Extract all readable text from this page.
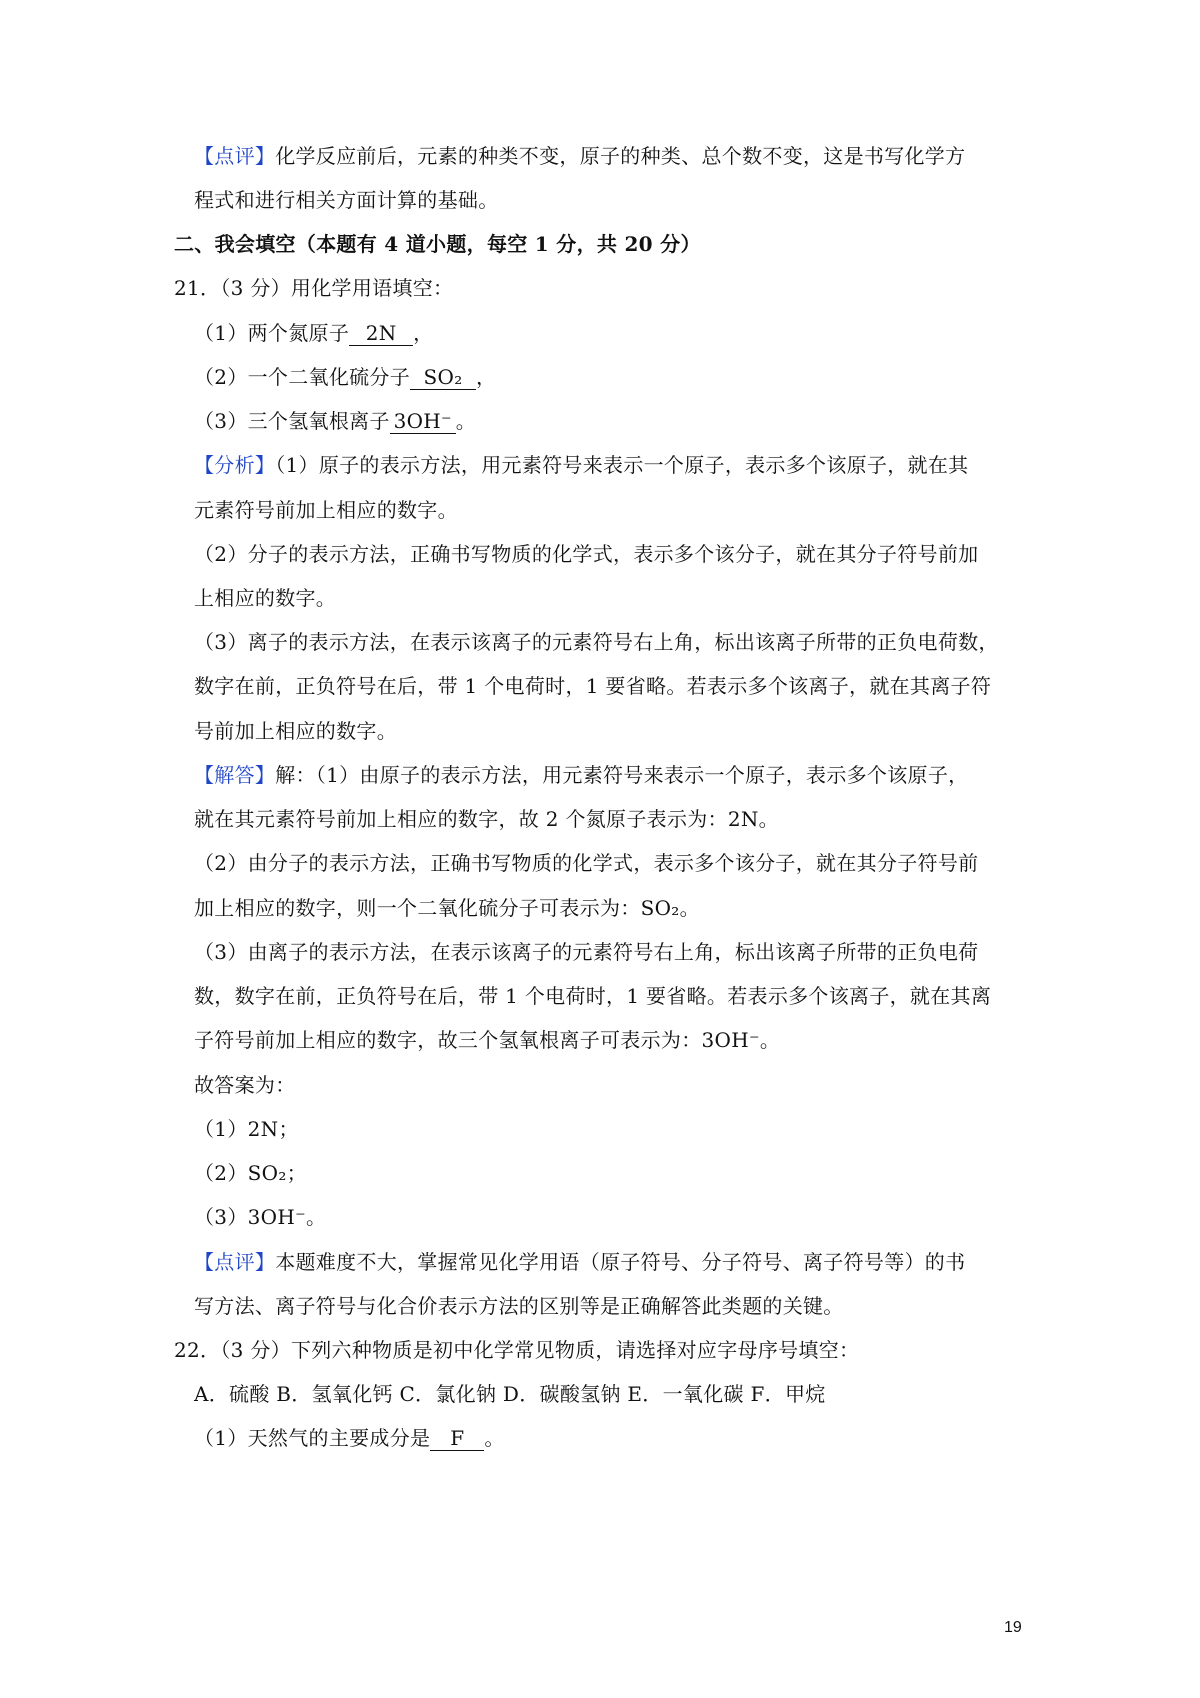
【点评】化学反应前后，元素的种类不变，原子的种类、总个数不变，这是书写化学方
程式和进行相关方面计算的基础。
二、我会填空（本题有 4 道小题，每空 1 分，共 20 分）
21．（3 分）用化学用语填空：
（1）两个氮原子 2N ，
（2）一个二氧化硫分子 SO₂ ，
（3）三个氢氧根离子 3OH⁻ 。
【分析】（1）原子的表示方法，用元素符号来表示一个原子，表示多个该原子，就在其
元素符号前加上相应的数字。
（2）分子的表示方法，正确书写物质的化学式，表示多个该分子，就在其分子符号前加
上相应的数字。
（3）离子的表示方法，在表示该离子的元素符号右上角，标出该离子所带的正负电荷数，
数字在前，正负符号在后，带 1 个电荷时，1 要省略。若表示多个该离子，就在其离子符
号前加上相应的数字。
【解答】解：（1）由原子的表示方法，用元素符号来表示一个原子，表示多个该原子，
就在其元素符号前加上相应的数字，故 2 个氮原子表示为：2N。
（2）由分子的表示方法，正确书写物质的化学式，表示多个该分子，就在其分子符号前
加上相应的数字，则一个二氧化硫分子可表示为：SO₂。
（3）由离子的表示方法，在表示该离子的元素符号右上角，标出该离子所带的正负电荷
数，数字在前，正负符号在后，带 1 个电荷时，1 要省略。若表示多个该离子，就在其离
子符号前加上相应的数字，故三个氢氧根离子可表示为：3OH⁻。
故答案为：
（1）2N；
（2）SO₂；
（3）3OH⁻。
【点评】本题难度不大，掌握常见化学用语（原子符号、分子符号、离子符号等）的书
写方法、离子符号与化合价表示方法的区别等是正确解答此类题的关键。
22．（3 分）下列六种物质是初中化学常见物质，请选择对应字母序号填空：
A．硫酸 B．氢氧化钙 C．氯化钠 D．碳酸氢钠 E．一氧化碳 F．甲烷
（1）天然气的主要成分是 F 。
19
